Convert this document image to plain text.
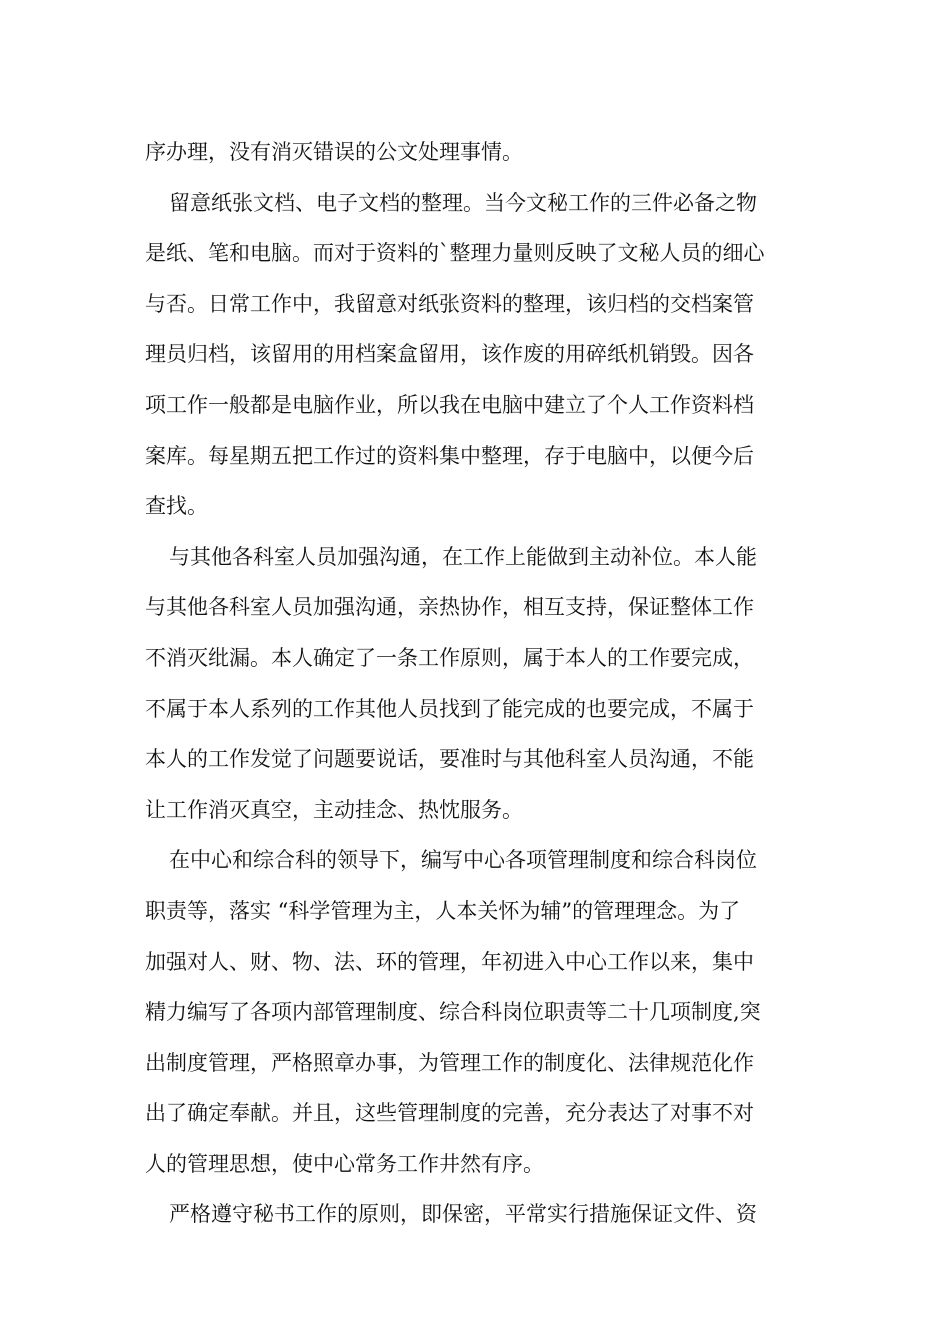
序办理，没有消灭错误的公文处理事情。
留意纸张文档、电子文档的整理。当今文秘工作的三件必备之物
是纸、笔和电脑。而对于资料的`整理力量则反映了文秘人员的细心
与否。日常工作中，我留意对纸张资料的整理，该归档的交档案管
理员归档，该留用的用档案盒留用，该作废的用碎纸机销毁。因各
项工作一般都是电脑作业，所以我在电脑中建立了个人工作资料档
案库。每星期五把工作过的资料集中整理，存于电脑中，以便今后
查找。
与其他各科室人员加强沟通，在工作上能做到主动补位。本人能
与其他各科室人员加强沟通，亲热协作，相互支持，保证整体工作
不消灭纰漏。本人确定了一条工作原则，属于本人的工作要完成，
不属于本人系列的工作其他人员找到了能完成的也要完成，不属于
本人的工作发觉了问题要说话，要准时与其他科室人员沟通，不能
让工作消灭真空，主动挂念、热忱服务。
在中心和综合科的领导下，编写中心各项管理制度和综合科岗位
职责等，落实 “科学管理为主，人本关怀为辅”的管理理念。为了
加强对人、财、物、法、环的管理，年初进入中心工作以来，集中
精力编写了各项内部管理制度、综合科岗位职责等二十几项制度,突
出制度管理，严格照章办事，为管理工作的制度化、法律规范化作
出了确定奉献。并且，这些管理制度的完善，充分表达了对事不对
人的管理思想，使中心常务工作井然有序。
严格遵守秘书工作的原则，即保密，平常实行措施保证文件、资
